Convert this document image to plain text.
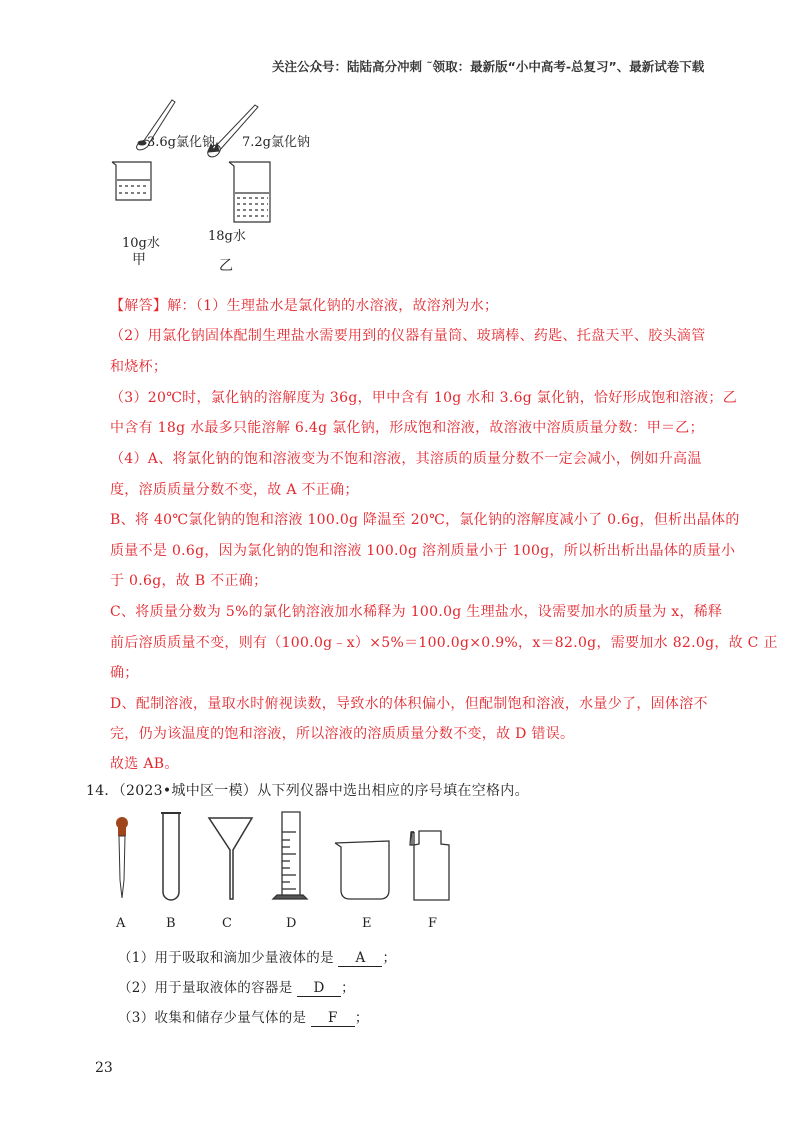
关注公众号：陆陆高分冲刺 ˜领取：最新版“小中高考-总复习”、最新试卷下载
3.6g氯化钠 7.2g氯化钠
10g水
甲
18g水
乙
【解答】解：（1）生理盐水是氯化钠的水溶液，故溶剂为水；
（2）用氯化钠固体配制生理盐水需要用到的仪器有量筒、玻璃棒、药匙、托盘天平、胶头滴管
和烧杯；
（3）20℃时，氯化钠的溶解度为 36g，甲中含有 10g 水和 3.6g 氯化钠，恰好形成饱和溶液；乙
中含有 18g 水最多只能溶解 6.4g 氯化钠，形成饱和溶液，故溶液中溶质质量分数：甲＝乙；
（4）A、将氯化钠的饱和溶液变为不饱和溶液，其溶质的质量分数不一定会减小，例如升高温
度，溶质质量分数不变，故 A 不正确；
B、将 40℃氯化钠的饱和溶液 100.0g 降温至 20℃，氯化钠的溶解度减小了 0.6g，但析出晶体的
质量不是 0.6g，因为氯化钠的饱和溶液 100.0g 溶剂质量小于 100g，所以析出析出晶体的质量小
于 0.6g，故 B 不正确；
C、将质量分数为 5%的氯化钠溶液加水稀释为 100.0g 生理盐水，设需要加水的质量为 x，稀释
前后溶质质量不变，则有（100.0g﹣x）×5%＝100.0g×0.9%，x＝82.0g，需要加水 82.0g，故 C 正
确；
D、配制溶液，量取水时俯视读数，导致水的体积偏小，但配制饱和溶液，水量少了，固体溶不
完，仍为该温度的饱和溶液，所以溶液的溶质质量分数不变，故 D 错误。
故选 AB。
14．（2023•城中区一模）从下列仪器中选出相应的序号填在空格内。
A	B	C	D	E	F
（1）用于吸取和滴加少量液体的是 A ；
（2）用于量取液体的容器是 D ；
（3）收集和储存少量气体的是 F ；
23
